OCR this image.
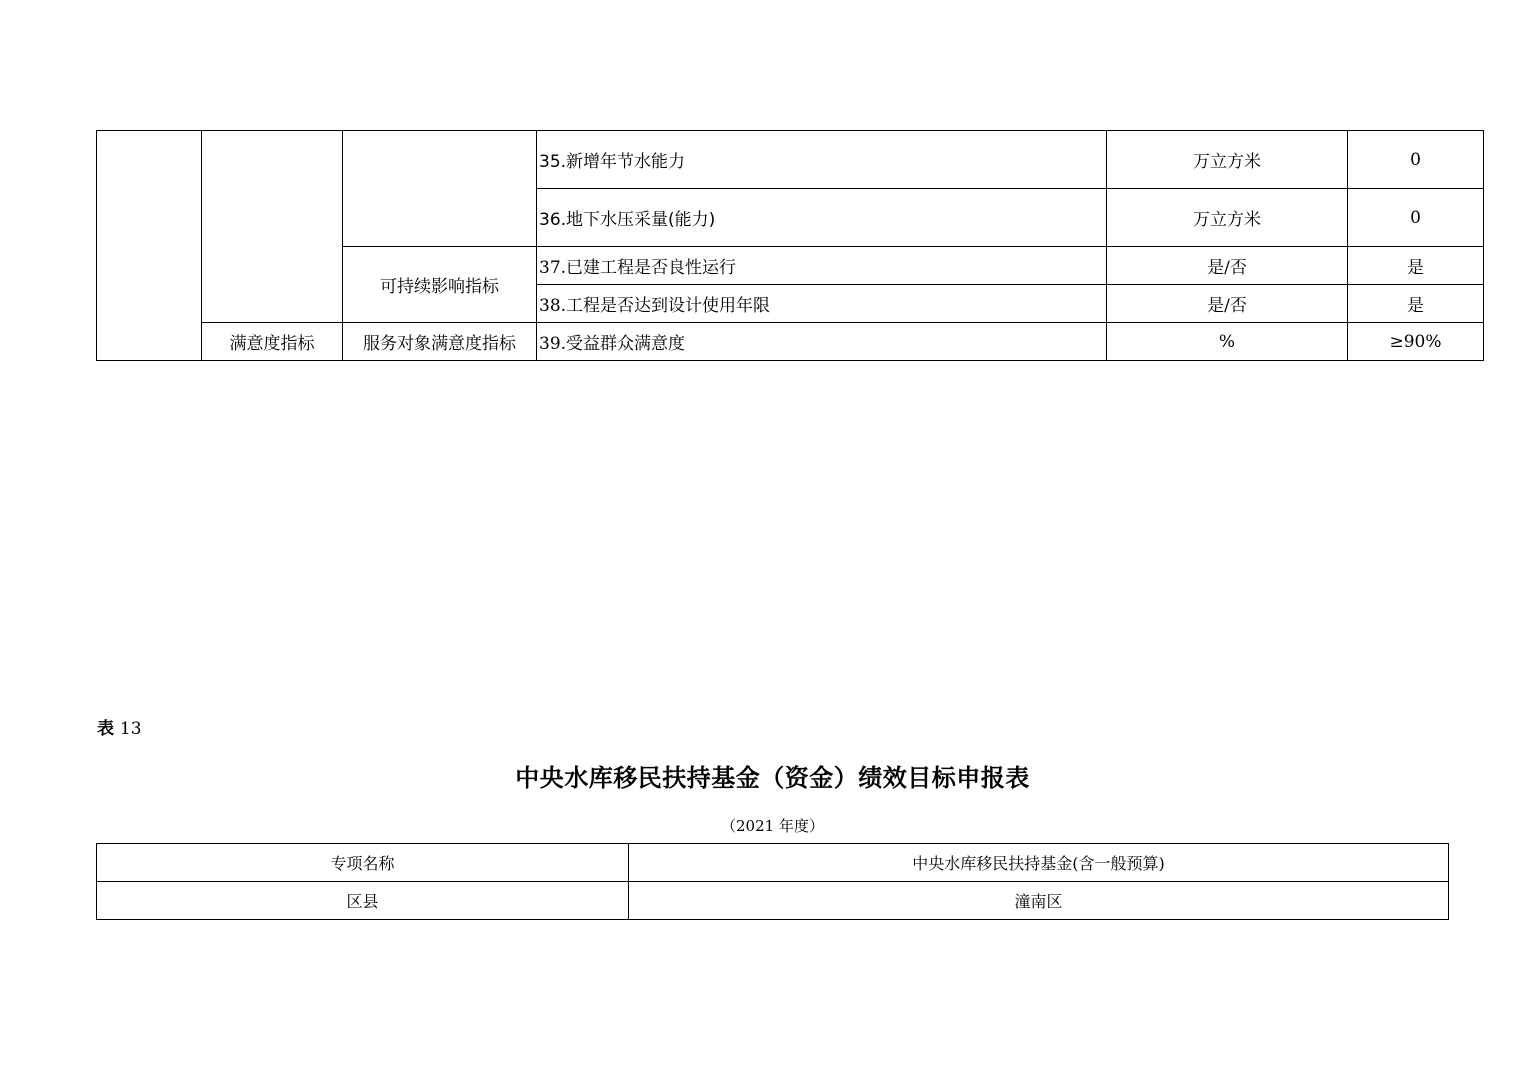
			35.新增年节水能力	万立方米	0
			36.地下水压采量(能力)	万立方米	0
		可持续影响指标	37.已建工程是否良性运行	是/否	是
			38.工程是否达到设计使用年限	是/否	是
	满意度指标	服务对象满意度指标	39.受益群众满意度	%	≥90%
表 13
中央水库移民扶持基金（资金）绩效目标申报表
（2021 年度）
专项名称	中央水库移民扶持基金(含一般预算)
区县	潼南区
